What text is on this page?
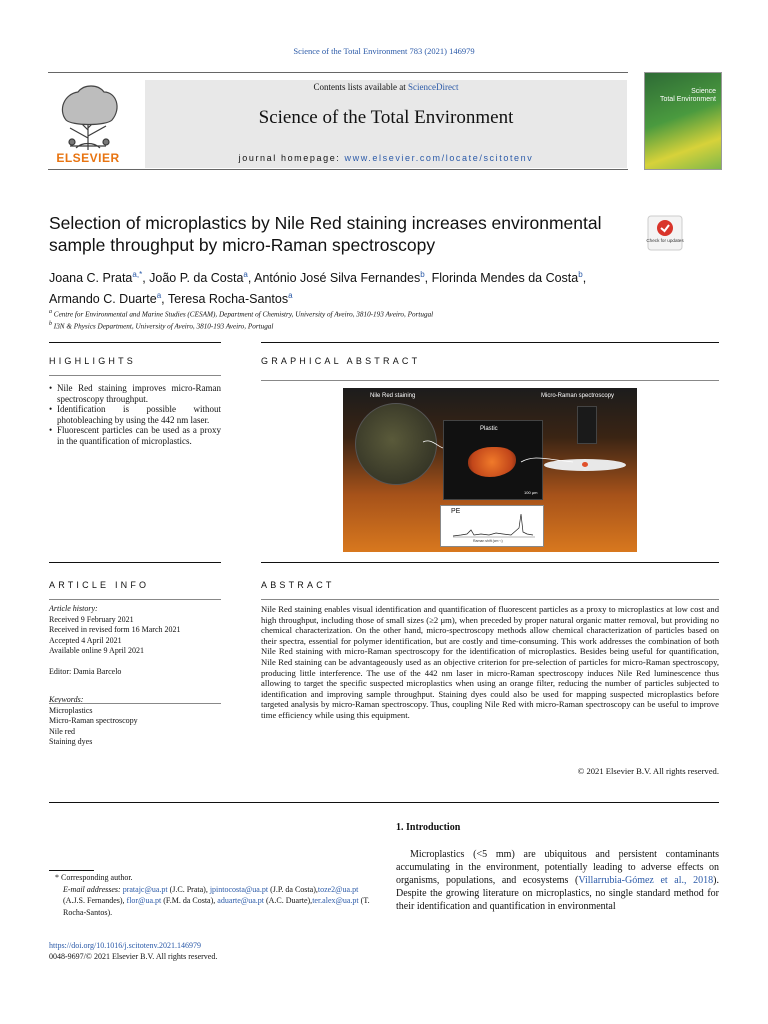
Science of the Total Environment 783 (2021) 146979
ELSEVIER
Contents lists available at ScienceDirect
Science of the Total Environment
journal homepage: www.elsevier.com/locate/scitotenv
Science
Total Environment
Selection of microplastics by Nile Red staining increases environmental sample throughput by micro-Raman spectroscopy	Check for updates
Joana C. Prata$^{a,*}$, João P. da Costa$^a$, António José Silva Fernandes$^b$, Florinda Mendes da Costa$^b$,
Armando C. Duarte$^a$, Teresa Rocha-Santos$^a$
$^a$ Centre for Environmental and Marine Studies (CESAM), Department of Chemistry, University of Aveiro, 3810-193 Aveiro, Portugal
$^b$ I3N & Physics Department, University of Aveiro, 3810-193 Aveiro, Portugal
HIGHLIGHTS	GRAPHICAL ABSTRACT
• Nile Red staining improves micro-Raman spectroscopy throughput.
• Identification is possible without photobleaching by using the 442 nm laser.
• Fluorescent particles can be used as a proxy in the quantification of microplastics.
Nile Red staining	Micro-Raman spectroscopy
Plastic
100 µm
PE
Raman shift (cm⁻¹)
ARTICLE INFO	ABSTRACT
Article history:
Received 9 February 2021
Received in revised form 16 March 2021
Accepted 4 April 2021
Available online 9 April 2021
Editor: Damia Barcelo
Keywords:
Microplastics
Micro-Raman spectroscopy
Nile red
Staining dyes
Nile Red staining enables visual identification and quantification of fluorescent particles as a proxy to microplastics at low cost and high throughput, including those of small sizes (≥2 μm), when preceded by proper natural organic matter removal, but providing no chemical characterization. On the other hand, micro-spectroscopy methods allow chemical characterization of particles based on their spectra, essential for polymer identification, but are costly and time-consuming. This work addresses the combination of both Nile Red staining with micro-Raman spectroscopy for the identification of microplastics. Besides being useful for quantification, Nile Red staining can be advantageously used as an objective criterion for pre-selection of particles for micro-Raman spectroscopy, producing little interference. The use of the 442 nm laser in micro-Raman spectroscopy induces Nile Red luminescence thus allowing to target the specific suspected microplastics when using an orange filter, reducing the number of particles subjected to identification and improving sample throughput. Staining dyes could also be used for mapping suspected microplastics before targeted analysis by micro-Raman spectroscopy. Thus, coupling Nile Red with micro-Raman spectroscopy can be useful to improve time efficiency while using this equipment.
© 2021 Elsevier B.V. All rights reserved.
1. Introduction
Microplastics (<5 mm) are ubiquitous and persistent contaminants accumulating in the environment, potentially leading to adverse effects on organisms, populations, and ecosystems (Villarrubia-Gómez et al., 2018). Despite the growing literature on microplastics, no single standard method for their identification and quantification in environmental
* Corresponding author.
E-mail addresses: pratajc@ua.pt (J.C. Prata), jpintocosta@ua.pt (J.P. da Costa),toze2@ua.pt (A.J.S. Fernandes), flor@ua.pt (F.M. da Costa), aduarte@ua.pt (A.C. Duarte),ter.alex@ua.pt (T. Rocha-Santos).
https://doi.org/10.1016/j.scitotenv.2021.146979
0048-9697/© 2021 Elsevier B.V. All rights reserved.
